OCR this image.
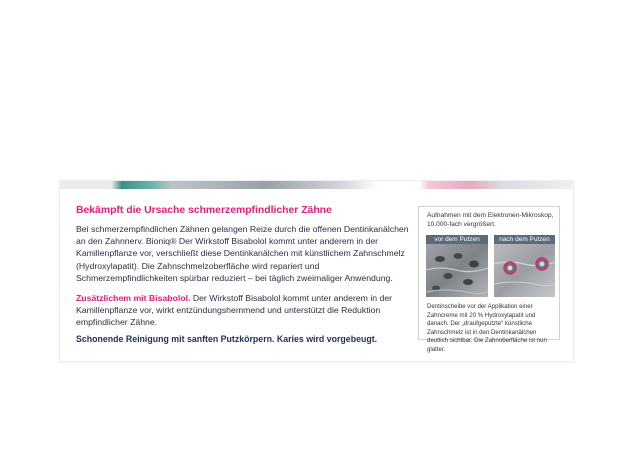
Bekämpft die Ursache schmerzempfindlicher Zähne
Bei schmerzempfindlichen Zähnen gelangen Reize durch die offenen Dentinkanälchen an den Zahnnerv. Bioniq® Der Wirkstoff Bisabolol kommt unter anderem in der Kamillenpflanze vor, verschließt diese Dentinkanälchen mit künstlichem Zahnschmelz (Hydroxylapatit). Die Zahnschmelzoberfläche wird repariert und Schmerzempfindlichkeiten spürbar reduziert – bei täglich zweimaliger Anwendung.
Zusätzlichem mit Bisabolol. Der Wirkstoff Bisabolol kommt unter anderem in der Kamillenpflanze vor, wirkt entzündungshemmend und unterstützt die Reduktion empfindlicher Zähne.
Schonende Reinigung mit sanften Putzkörpern. Karies wird vorgebeugt.
Aufnahmen mit dem Elektronen-Mikroskop, 10.000-fach vergrößert.
vor dem Putzen	nach dem Putzen
Dentinscheibe vor der Applikation einer Zahncreme mit 20 % Hydroxylapatit und danach. Der „draufgeputzte“ künstliche Zahnschmelz ist in den Dentinkanälchen deutlich sichtbar. Die Zahnoberfläche ist nun glatter.
